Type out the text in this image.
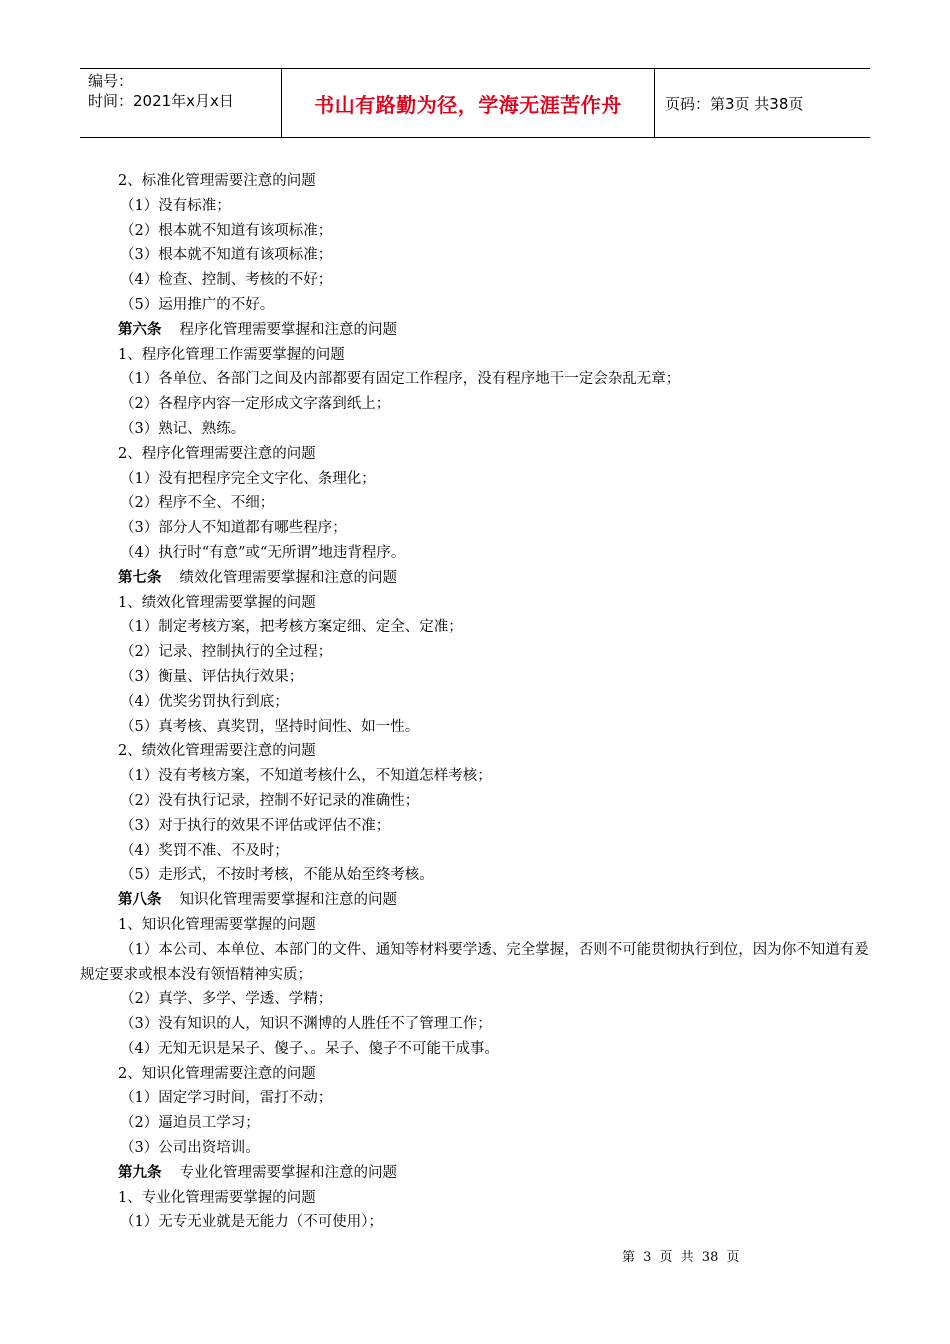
编号：
时间：2021年x月x日	书山有路勤为径，学海无涯苦作舟	页码：第3页 共38页
2、标准化管理需要注意的问题
（1）没有标准；
（2）根本就不知道有该项标准；
（3）根本就不知道有该项标准；
（4）检查、控制、考核的不好；
（5）运用推广的不好。
第六条 程序化管理需要掌握和注意的问题
1、程序化管理工作需要掌握的问题
（1）各单位、各部门之间及内部都要有固定工作程序，没有程序地干一定会杂乱无章；
（2）各程序内容一定形成文字落到纸上；
（3）熟记、熟练。
2、程序化管理需要注意的问题
（1）没有把程序完全文字化、条理化；
（2）程序不全、不细；
（3）部分人不知道都有哪些程序；
（4）执行时“有意”或“无所谓”地违背程序。
第七条 绩效化管理需要掌握和注意的问题
1、绩效化管理需要掌握的问题
（1）制定考核方案，把考核方案定细、定全、定准；
（2）记录、控制执行的全过程；
（3）衡量、评估执行效果；
（4）优奖劣罚执行到底；
（5）真考核、真奖罚，坚持时间性、如一性。
2、绩效化管理需要注意的问题
（1）没有考核方案，不知道考核什么，不知道怎样考核；
（2）没有执行记录，控制不好记录的准确性；
（3）对于执行的效果不评估或评估不准；
（4）奖罚不准、不及时；
（5）走形式，不按时考核，不能从始至终考核。
第八条 知识化管理需要掌握和注意的问题
1、知识化管理需要掌握的问题
（1）本公司、本单位、本部门的文件、通知等材料要学透、完全掌握，否则不可能贯彻执行到位，因为你不知道有爰规定要求或根本没有领悟精神实质；
（2）真学、多学、学透、学精；
（3）没有知识的人，知识不渊博的人胜任不了管理工作；
（4）无知无识是呆子、傻子、。呆子、傻子不可能干成事。
2、知识化管理需要注意的问题
（1）固定学习时间，雷打不动；
（2）逼迫员工学习；
（3）公司出资培训。
第九条 专业化管理需要掌握和注意的问题
1、专业化管理需要掌握的问题
（1）无专无业就是无能力（不可使用）；
第 3 页 共 38 页
